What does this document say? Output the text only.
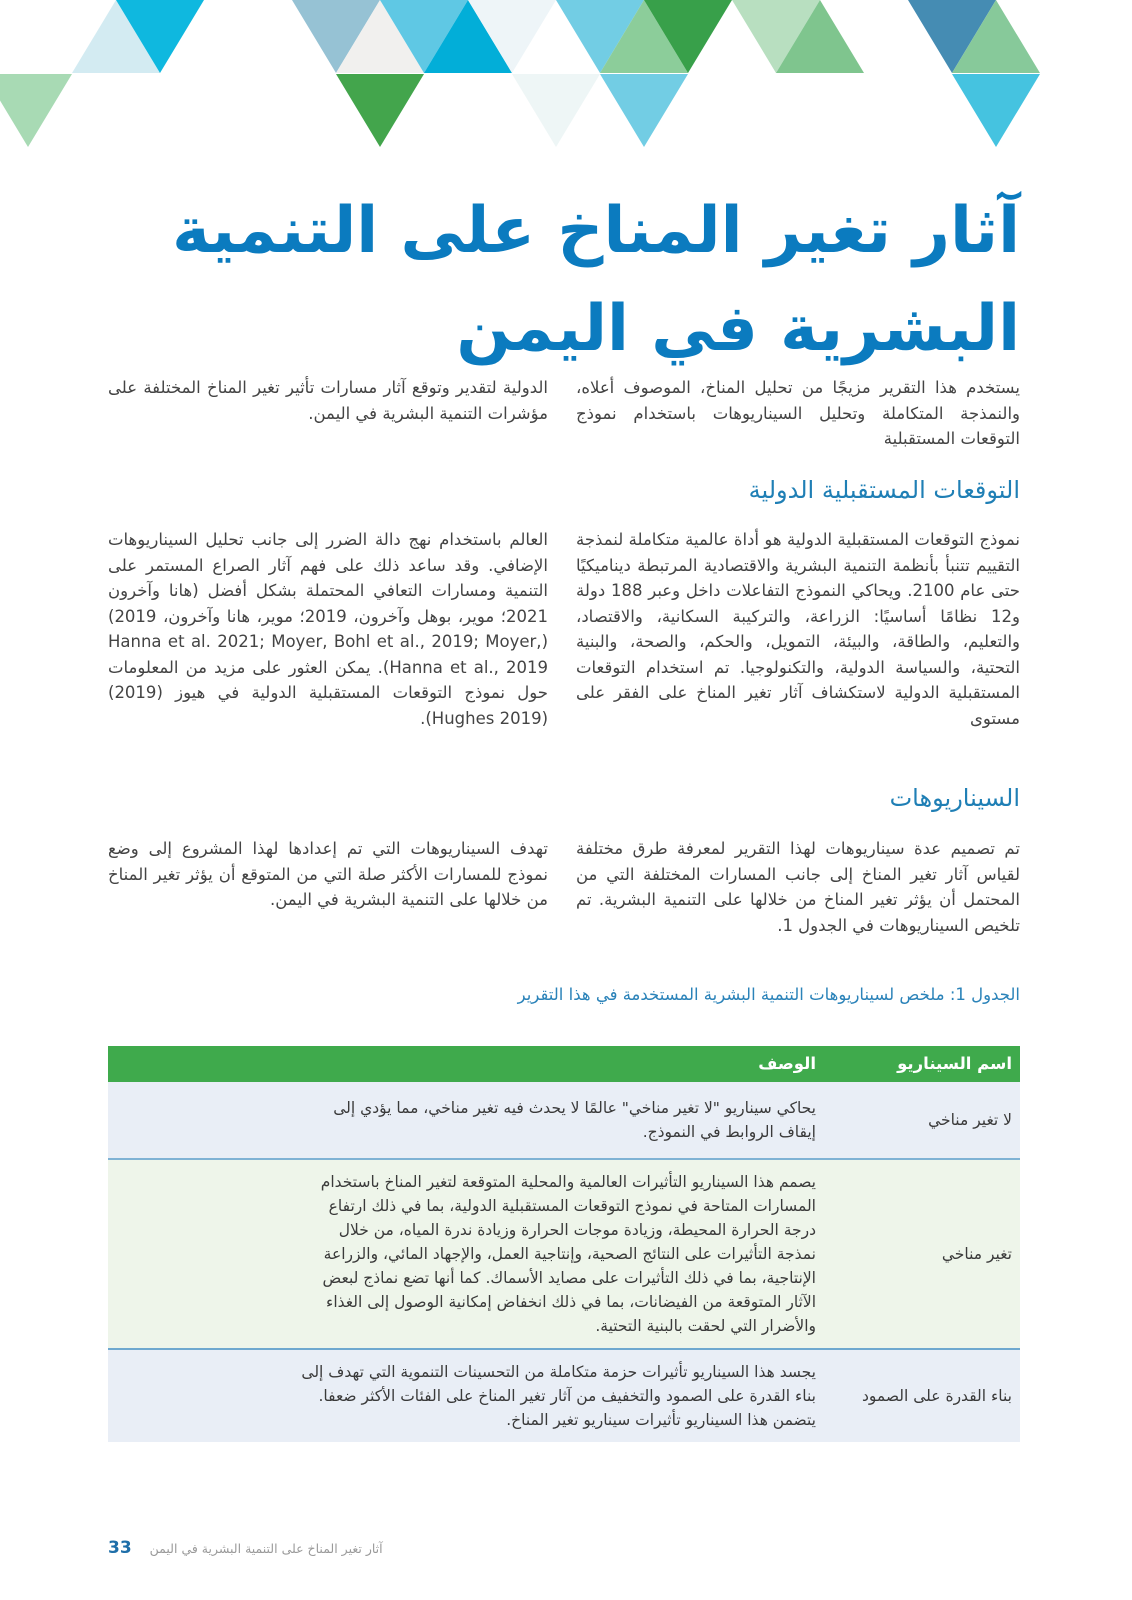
آثار تغير المناخ على التنمية
البشرية في اليمن

يستخدم هذا التقرير مزيجًا من تحليل المناخ، الموصوف أعلاه، والنمذجة المتكاملة وتحليل السيناريوهات باستخدام نموذج التوقعات المستقبلية

الدولية لتقدير وتوقع آثار مسارات تأثير تغير المناخ المختلفة على مؤشرات التنمية البشرية في اليمن.

التوقعات المستقبلية الدولية

نموذج التوقعات المستقبلية الدولية هو أداة عالمية متكاملة لنمذجة التقييم تتنبأ بأنظمة التنمية البشرية والاقتصادية المرتبطة ديناميكيًا حتى عام 2100. ويحاكي النموذج التفاعلات داخل وعبر 188 دولة و12 نظامًا أساسيًا: الزراعة، والتركيبة السكانية، والاقتصاد، والتعليم، والطاقة، والبيئة، التمويل، والحكم، والصحة، والبنية التحتية، والسياسة الدولية، والتكنولوجيا. تم استخدام التوقعات المستقبلية الدولية لاستكشاف آثار تغير المناخ على الفقر على مستوى

العالم باستخدام نهج دالة الضرر إلى جانب تحليل السيناريوهات الإضافي. وقد ساعد ذلك على فهم آثار الصراع المستمر على التنمية ومسارات التعافي المحتملة بشكل أفضل (هانا وآخرون 2021؛ موير، بوهل وآخرون، 2019؛ موير، هانا وآخرون، 2019) (Hanna et al. 2021; Moyer, Bohl et al., 2019; Moyer, Hanna et al., 2019). يمكن العثور على مزيد من المعلومات حول نموذج التوقعات المستقبلية الدولية في هيوز (2019) (Hughes 2019).

السيناريوهات

تم تصميم عدة سيناريوهات لهذا التقرير لمعرفة طرق مختلفة لقياس آثار تغير المناخ إلى جانب المسارات المختلفة التي من المحتمل أن يؤثر تغير المناخ من خلالها على التنمية البشرية. تم تلخيص السيناريوهات في الجدول 1.

تهدف السيناريوهات التي تم إعدادها لهذا المشروع إلى وضع نموذج للمسارات الأكثر صلة التي من المتوقع أن يؤثر تغير المناخ من خلالها على التنمية البشرية في اليمن.

الجدول 1: ملخص لسيناريوهات التنمية البشرية المستخدمة في هذا التقرير

اسم السيناريو	الوصف
لا تغير مناخي	يحاكي سيناريو "لا تغير مناخي" عالمًا لا يحدث فيه تغير مناخي، مما يؤدي إلى إيقاف الروابط في النموذج.
تغير مناخي	يصمم هذا السيناريو التأثيرات العالمية والمحلية المتوقعة لتغير المناخ باستخدام المسارات المتاحة في نموذج التوقعات المستقبلية الدولية، بما في ذلك ارتفاع درجة الحرارة المحيطة، وزيادة موجات الحرارة وزيادة ندرة المياه، من خلال نمذجة التأثيرات على النتائج الصحية، وإنتاجية العمل، والإجهاد المائي، والزراعة الإنتاجية، بما في ذلك التأثيرات على مصايد الأسماك. كما أنها تضع نماذج لبعض الآثار المتوقعة من الفيضانات، بما في ذلك انخفاض إمكانية الوصول إلى الغذاء والأضرار التي لحقت بالبنية التحتية.
بناء القدرة على الصمود	يجسد هذا السيناريو تأثيرات حزمة متكاملة من التحسينات التنموية التي تهدف إلى بناء القدرة على الصمود والتخفيف من آثار تغير المناخ على الفئات الأكثر ضعفا. يتضمن هذا السيناريو تأثيرات سيناريو تغير المناخ.
33 آثار تغير المناخ على التنمية البشرية في اليمن
